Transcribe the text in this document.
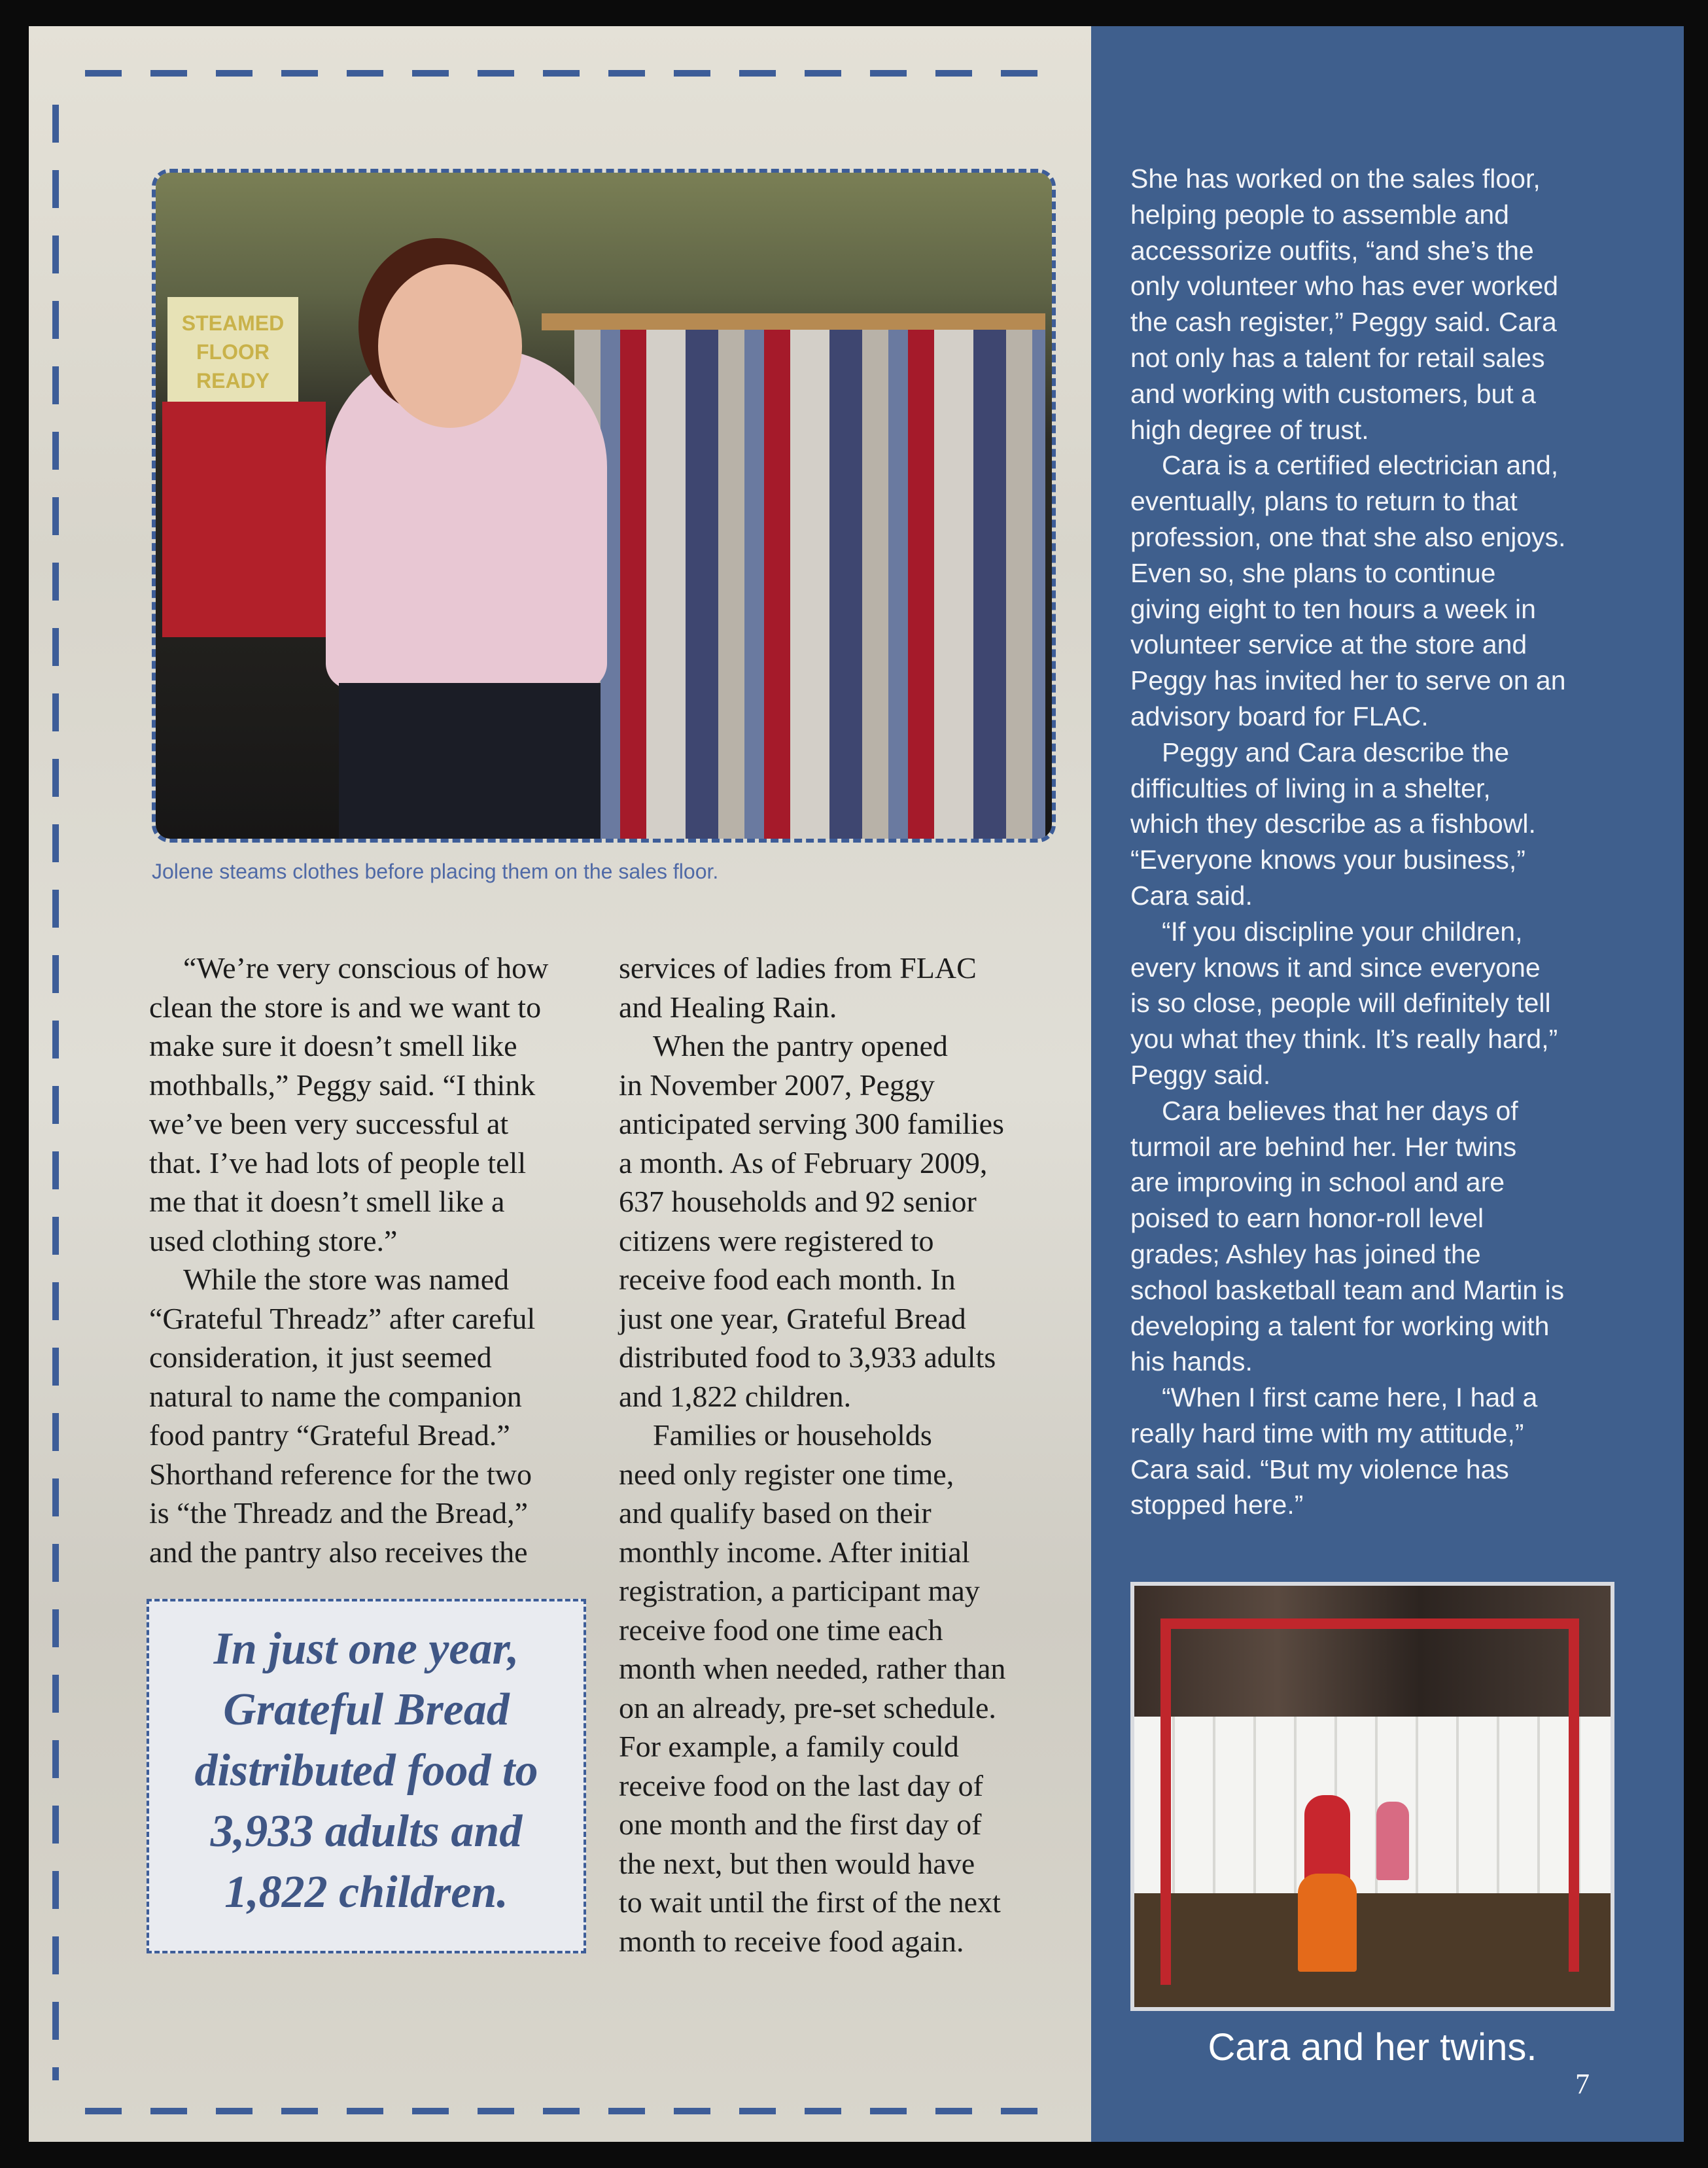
STEAMED
FLOOR
READY
Jolene steams clothes before placing them on the sales floor.
“We’re very conscious of how
clean the store is and we want to
make sure it doesn’t smell like
mothballs,” Peggy said. “I think
we’ve been very successful at
that. I’ve had lots of people tell
me that it doesn’t smell like a
used clothing store.”
While the store was named
“Grateful Threadz” after careful
consideration, it just seemed
natural to name the companion
food pantry “Grateful Bread.”
Shorthand reference for the two
is “the Threadz and the Bread,”
and the pantry also receives the
In just one year,
Grateful Bread
distributed food to
3,933 adults and
1,822 children.
services of ladies from FLAC
and Healing Rain.
When the pantry opened
in November 2007, Peggy
anticipated serving 300 families
a month. As of February 2009,
637 households and 92 senior
citizens were registered to
receive food each month. In
just one year, Grateful Bread
distributed food to 3,933 adults
and 1,822 children.
Families or households
need only register one time,
and qualify based on their
monthly income. After initial
registration, a participant may
receive food one time each
month when needed, rather than
on an already, pre-set schedule.
For example, a family could
receive food on the last day of
one month and the first day of
the next, but then would have
to wait until the first of the next
month to receive food again.
She has worked on the sales floor,
helping people to assemble and
accessorize outfits, “and she’s the
only volunteer who has ever worked
the cash register,” Peggy said. Cara
not only has a talent for retail sales
and working with customers, but a
high degree of trust.
Cara is a certified electrician and,
eventually, plans to return to that
profession, one that she also enjoys.
Even so, she plans to continue
giving eight to ten hours a week in
volunteer service at the store and
Peggy has invited her to serve on an
advisory board for FLAC.
Peggy and Cara describe the
difficulties of living in a shelter,
which they describe as a fishbowl.
“Everyone knows your business,”
Cara said.
“If you discipline your children,
every knows it and since everyone
is so close, people will definitely tell
you what they think. It’s really hard,”
Peggy said.
Cara believes that her days of
turmoil are behind her. Her twins
are improving in school and are
poised to earn honor-roll level
grades; Ashley has joined the
school basketball team and Martin is
developing a talent for working with
his hands.
“When I first came here, I had a
really hard time with my attitude,”
Cara said. “But my violence has
stopped here.”
Cara and her twins.
7
